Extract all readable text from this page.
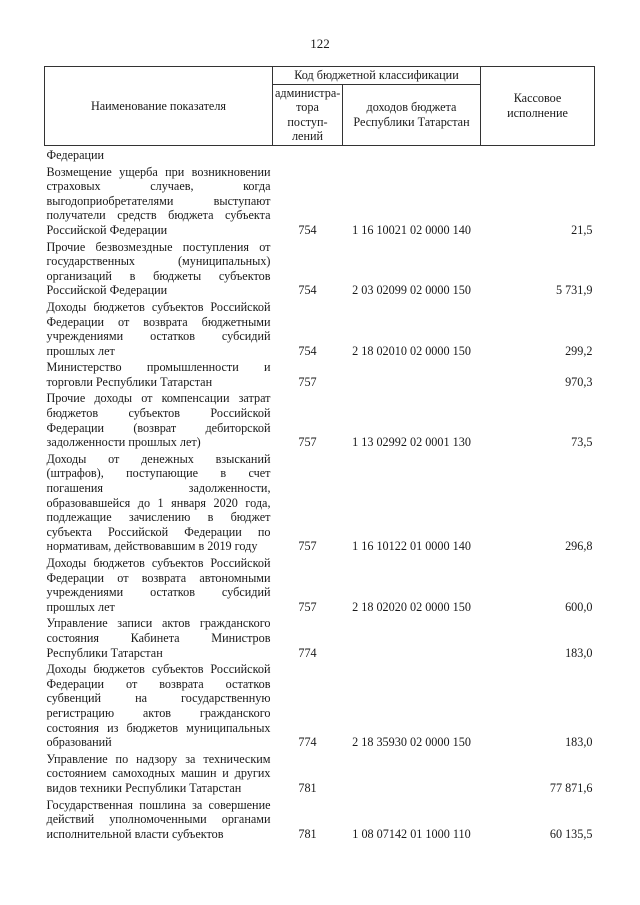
122
Наименование показателя	Код бюджетной классификации		Кассовое исполнение
	администра-тора поступ-лений	доходов бюджета Республики Татарстан	
Федерации			
Возмещение ущерба при возникновении страховых случаев, когда выгодоприобретателями выступают получатели средств бюджета субъекта Российской Федерации	754	1 16 10021 02 0000 140	21,5
Прочие безвозмездные поступления от государственных (муниципальных) организаций в бюджеты субъектов Российской Федерации	754	2 03 02099 02 0000 150	5 731,9
Доходы бюджетов субъектов Российской Федерации от возврата бюджетными учреждениями остатков субсидий прошлых лет	754	2 18 02010 02 0000 150	299,2
Министерство промышленности и торговли Республики Татарстан	757		970,3
Прочие доходы от компенсации затрат бюджетов субъектов Российской Федерации (возврат дебиторской задолженности прошлых лет)	757	1 13 02992 02 0001 130	73,5
Доходы от денежных взысканий (штрафов), поступающие в счет погашения задолженности, образовавшейся до 1 января 2020 года, подлежащие зачислению в бюджет субъекта Российской Федерации по нормативам, действовавшим в 2019 году	757	1 16 10122 01 0000 140	296,8
Доходы бюджетов субъектов Российской Федерации от возврата автономными учреждениями остатков субсидий прошлых лет	757	2 18 02020 02 0000 150	600,0
Управление записи актов гражданского состояния Кабинета Министров Республики Татарстан	774		183,0
Доходы бюджетов субъектов Российской Федерации от возврата остатков субвенций на государственную регистрацию актов гражданского состояния из бюджетов муниципальных образований	774	2 18 35930 02 0000 150	183,0
Управление по надзору за техническим состоянием самоходных машин и других видов техники Республики Татарстан	781		77 871,6
Государственная пошлина за совершение действий уполномоченными органами исполнительной власти субъектов	781	1 08 07142 01 1000 110	60 135,5
